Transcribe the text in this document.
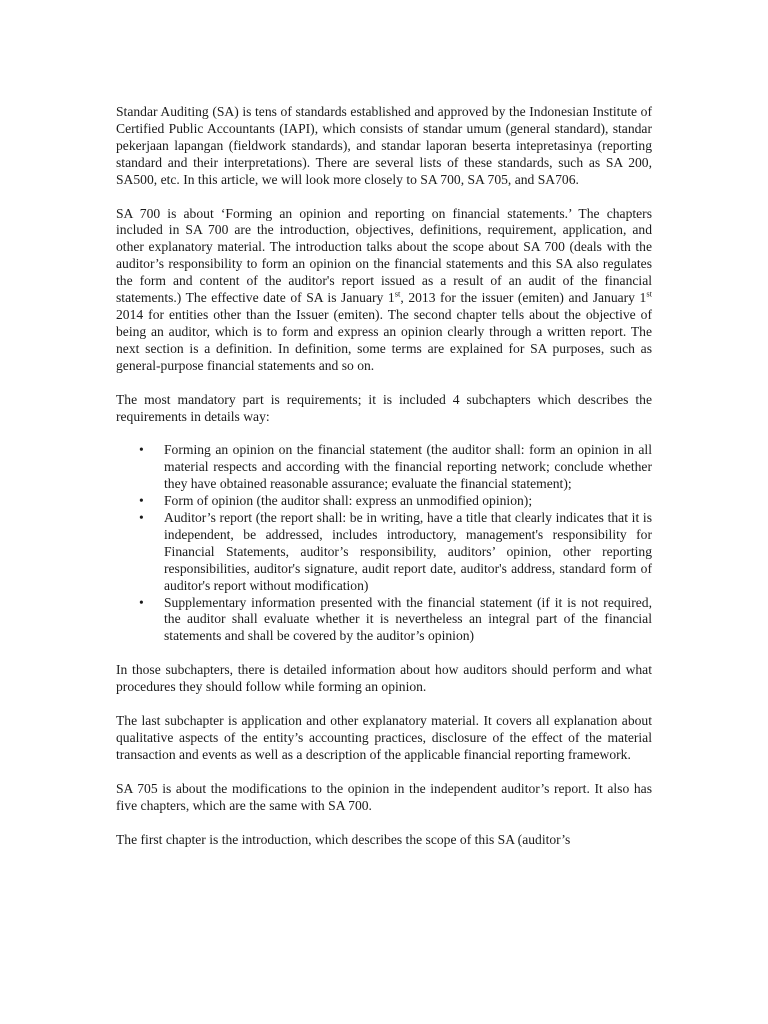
Standar Auditing (SA) is tens of standards established and approved by the Indonesian Institute of Certified Public Accountants (IAPI), which consists of standar umum (general standard), standar pekerjaan lapangan (fieldwork standards), and standar laporan beserta intepretasinya (reporting standard and their interpretations). There are several lists of these standards, such as SA 200, SA500, etc. In this article, we will look more closely to SA 700, SA 705, and SA706.

SA 700 is about ‘Forming an opinion and reporting on financial statements.’ The chapters included in SA 700 are the introduction, objectives, definitions, requirement, application, and other explanatory material. The introduction talks about the scope about SA 700 (deals with the auditor’s responsibility to form an opinion on the financial statements and this SA also regulates the form and content of the auditor's report issued as a result of an audit of the financial statements.) The effective date of SA is January 1st, 2013 for the issuer (emiten) and January 1st 2014 for entities other than the Issuer (emiten). The second chapter tells about the objective of being an auditor, which is to form and express an opinion clearly through a written report. The next section is a definition. In definition, some terms are explained for SA purposes, such as general-purpose financial statements and so on.

The most mandatory part is requirements; it is included 4 subchapters which describes the requirements in details way:

• Forming an opinion on the financial statement (the auditor shall: form an opinion in all material respects and according with the financial reporting network; conclude whether they have obtained reasonable assurance; evaluate the financial statement);
• Form of opinion (the auditor shall: express an unmodified opinion);
• Auditor’s report (the report shall: be in writing, have a title that clearly indicates that it is independent, be addressed, includes introductory, management's responsibility for Financial Statements, auditor’s responsibility, auditors’ opinion, other reporting responsibilities, auditor's signature, audit report date, auditor's address, standard form of auditor's report without modification)
• Supplementary information presented with the financial statement (if it is not required, the auditor shall evaluate whether it is nevertheless an integral part of the financial statements and shall be covered by the auditor’s opinion)

In those subchapters, there is detailed information about how auditors should perform and what procedures they should follow while forming an opinion.

The last subchapter is application and other explanatory material. It covers all explanation about qualitative aspects of the entity’s accounting practices, disclosure of the effect of the material transaction and events as well as a description of the applicable financial reporting framework.

SA 705 is about the modifications to the opinion in the independent auditor’s report. It also has five chapters, which are the same with SA 700.

The first chapter is the introduction, which describes the scope of this SA (auditor’s
